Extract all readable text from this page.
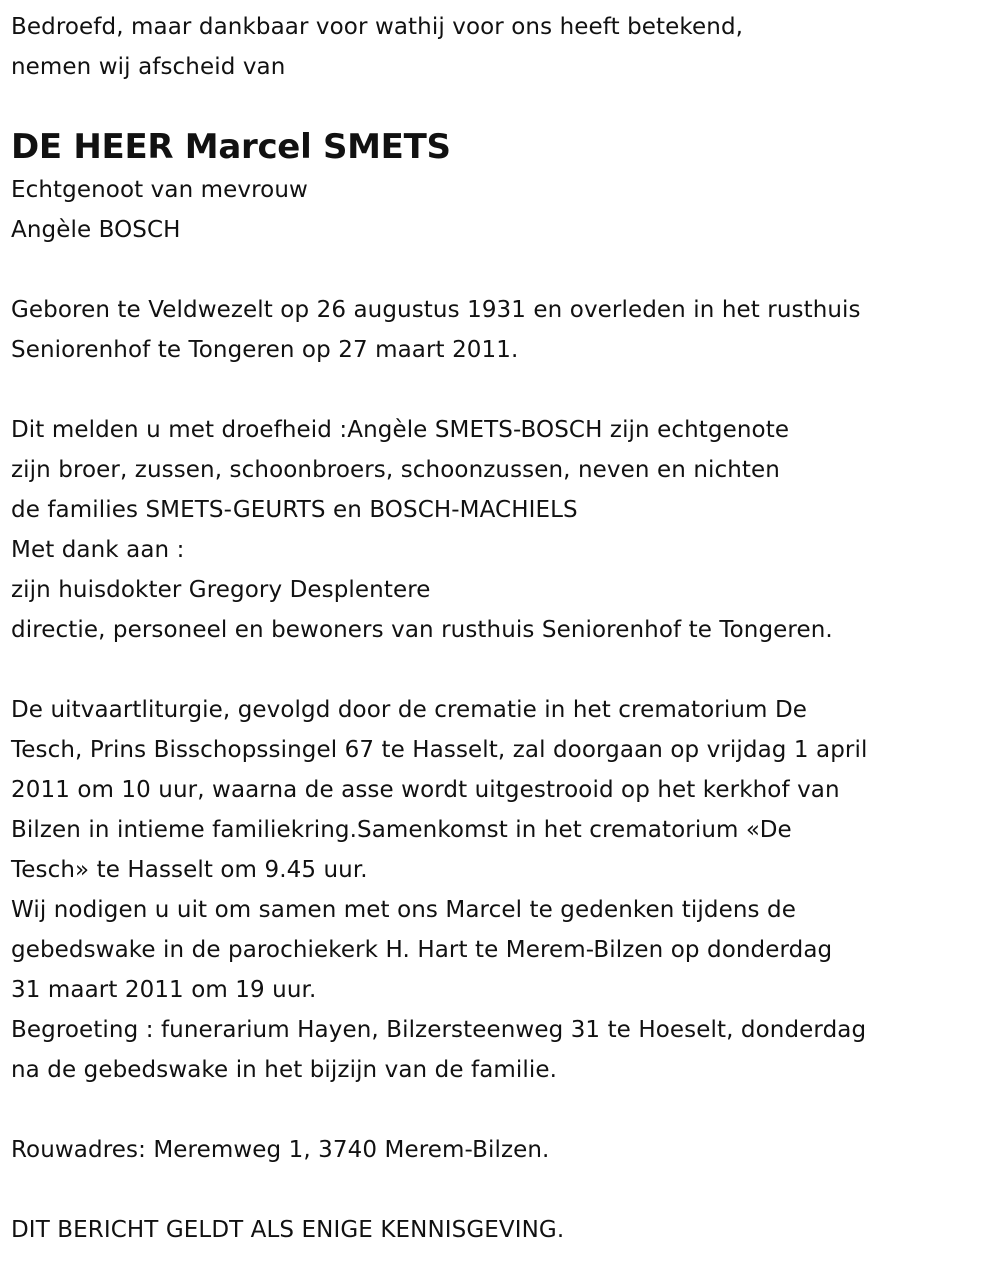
Bedroefd, maar dankbaar voor wathij voor ons heeft betekend,
nemen wij afscheid van
DE HEER Marcel SMETS
Echtgenoot van mevrouw
Angèle BOSCH
Geboren te Veldwezelt op 26 augustus 1931 en overleden in het rusthuis
Seniorenhof te Tongeren op 27 maart 2011.
Dit melden u met droefheid :Angèle SMETS-BOSCH zijn echtgenote
zijn broer, zussen, schoonbroers, schoonzussen, neven en nichten
de families SMETS-GEURTS en BOSCH-MACHIELS
Met dank aan :
zijn huisdokter Gregory Desplentere
directie, personeel en bewoners van rusthuis Seniorenhof te Tongeren.
De uitvaartliturgie, gevolgd door de crematie in het crematorium De
Tesch, Prins Bisschopssingel 67 te Hasselt, zal doorgaan op vrijdag 1 april
2011 om 10 uur, waarna de asse wordt uitgestrooid op het kerkhof van
Bilzen in intieme familiekring.Samenkomst in het crematorium «De
Tesch» te Hasselt om 9.45 uur.
Wij nodigen u uit om samen met ons Marcel te gedenken tijdens de
gebedswake in de parochiekerk H. Hart te Merem-Bilzen op donderdag
31 maart 2011 om 19 uur.
Begroeting : funerarium Hayen, Bilzersteenweg 31 te Hoeselt, donderdag
na de gebedswake in het bijzijn van de familie.
Rouwadres: Meremweg 1, 3740 Merem-Bilzen.
DIT BERICHT GELDT ALS ENIGE KENNISGEVING.
